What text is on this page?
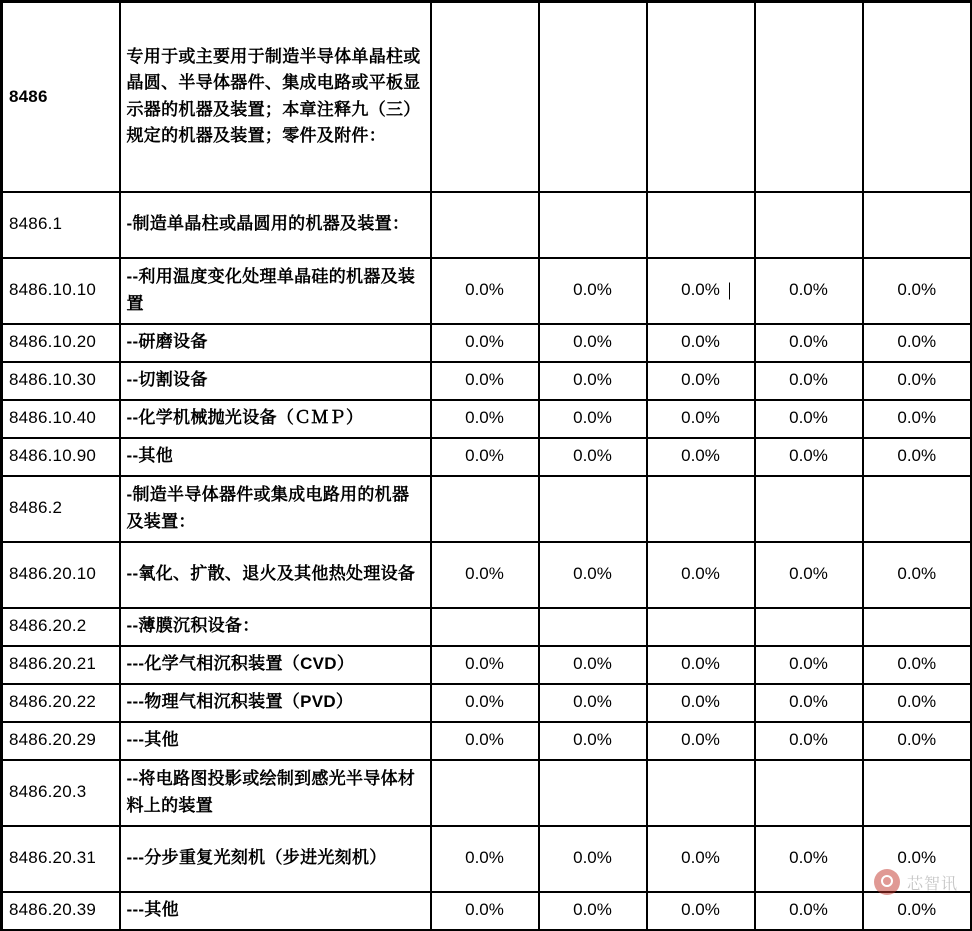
8486	专用于或主要用于制造半导体单晶柱或晶圆、半导体器件、集成电路或平板显示器的机器及装置；本章注释九（三）规定的机器及装置；零件及附件：					
8486.1	-制造单晶柱或晶圆用的机器及装置：					
8486.10.10	--利用温度变化处理单晶硅的机器及装置	0.0%	0.0%	0.0%	0.0%	0.0%
8486.10.20	--研磨设备	0.0%	0.0%	0.0%	0.0%	0.0%
8486.10.30	--切割设备	0.0%	0.0%	0.0%	0.0%	0.0%
8486.10.40	--化学机械抛光设备（ＣＭＰ）	0.0%	0.0%	0.0%	0.0%	0.0%
8486.10.90	--其他	0.0%	0.0%	0.0%	0.0%	0.0%
8486.2	-制造半导体器件或集成电路用的机器及装置：					
8486.20.10	--氧化、扩散、退火及其他热处理设备	0.0%	0.0%	0.0%	0.0%	0.0%
8486.20.2	--薄膜沉积设备：					
8486.20.21	---化学气相沉积装置（CVD）	0.0%	0.0%	0.0%	0.0%	0.0%
8486.20.22	---物理气相沉积装置（PVD）	0.0%	0.0%	0.0%	0.0%	0.0%
8486.20.29	---其他	0.0%	0.0%	0.0%	0.0%	0.0%
8486.20.3	--将电路图投影或绘制到感光半导体材料上的装置					
8486.20.31	---分步重复光刻机（步进光刻机）	0.0%	0.0%	0.0%	0.0%	0.0%
8486.20.39	---其他	0.0%	0.0%	0.0%	0.0%	0.0%
芯智讯
